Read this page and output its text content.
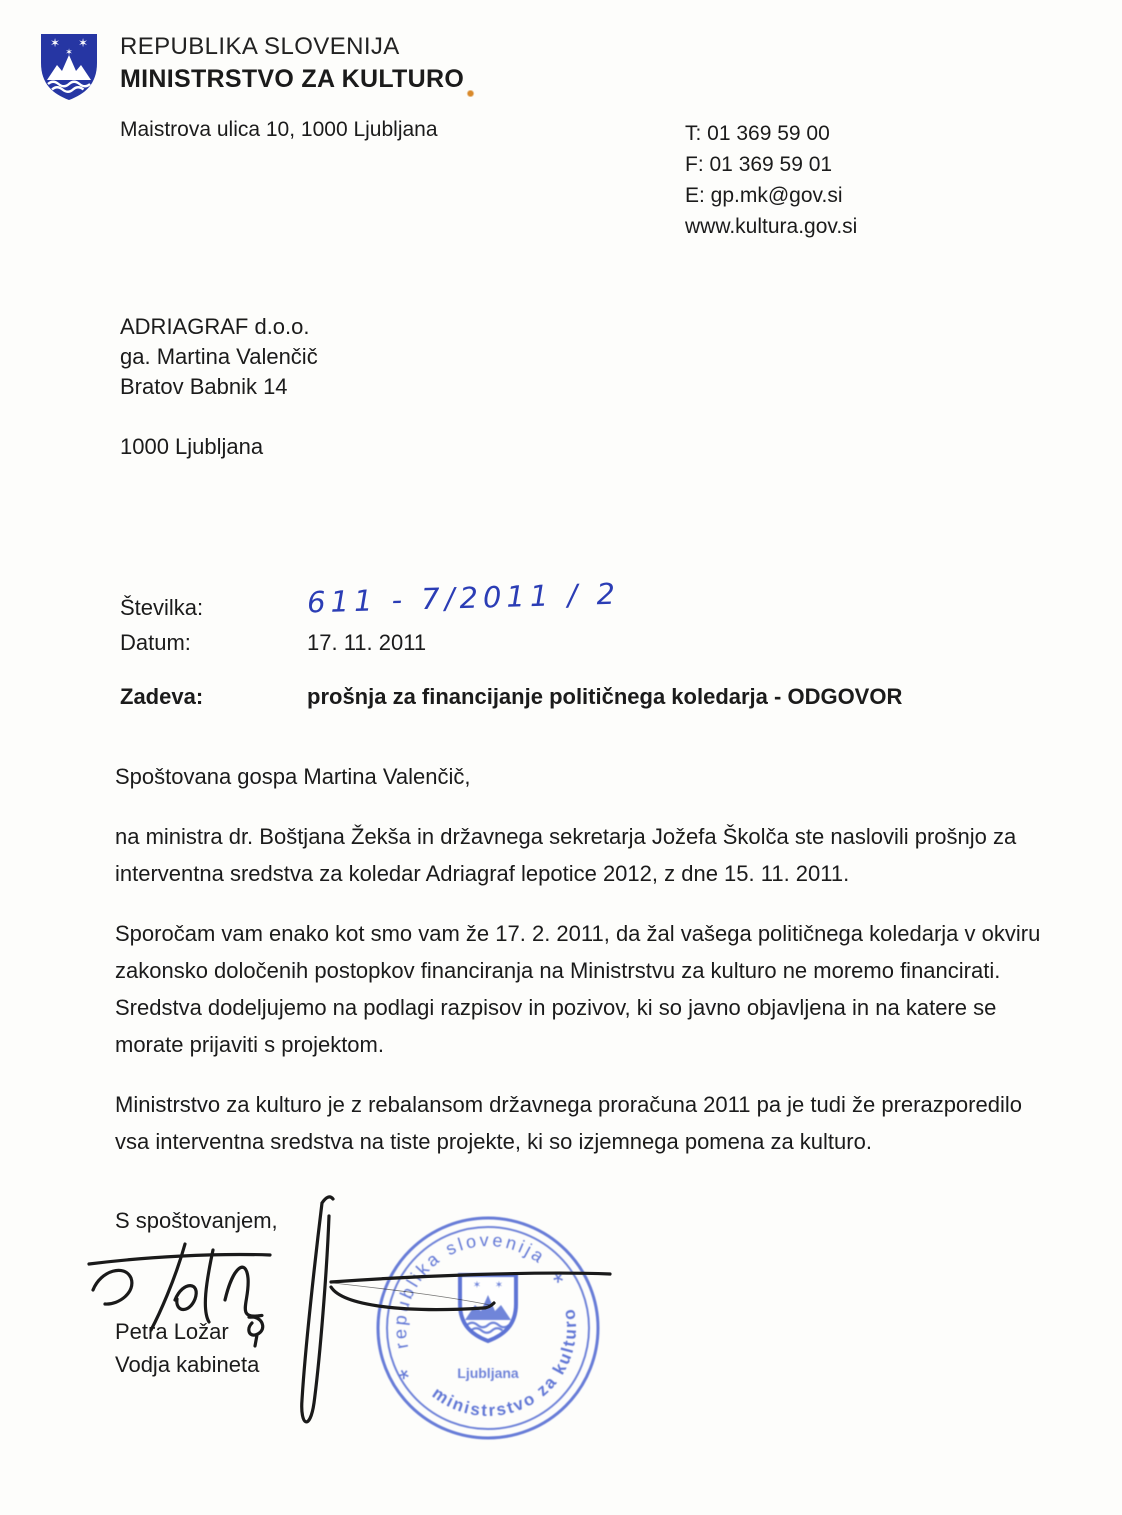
✶ ✶
✶ REPUBLIKA SLOVENIJA
MINISTRSTVO ZA KULTURO
Maistrova ulica 10, 1000 Ljubljana	T: 01 369 59 00
F: 01 369 59 01
E: gp.mk@gov.si
www.kultura.gov.si
ADRIAGRAF d.o.o.
ga. Martina Valenčič
Bratov Babnik 14
1000 Ljubljana
Številka:	611 - 7/2011 / 2
Datum:	17. 11. 2011
Zadeva:	prošnja za financijanje političnega koledarja - ODGOVOR

Spoštovana gospa Martina Valenčič,

na ministra dr. Boštjana Žekša in državnega sekretarja Jožefa Školča ste naslovili prošnjo za interventna sredstva za koledar Adriagraf lepotice 2012, z dne 15. 11. 2011.

Sporočam vam enako kot smo vam že 17. 2. 2011, da žal vašega političnega koledarja v okviru zakonsko določenih postopkov financiranja na Ministrstvu za kulturo ne moremo financirati. Sredstva dodeljujemo na podlagi razpisov in pozivov, ki so javno objavljena in na katere se morate prijaviti s projektom.

Ministrstvo za kulturo je z rebalansom državnega proračuna 2011 pa je tudi že prerazporedilo vsa interventna sredstva na tiste projekte, ki so izjemnega pomena za kulturo.

S spoštovanjem,
Petra Ložar
Vodja kabineta
republika slovenija
ministrstvo za kulturo
*
*
✶ ✶
Ljubljana
